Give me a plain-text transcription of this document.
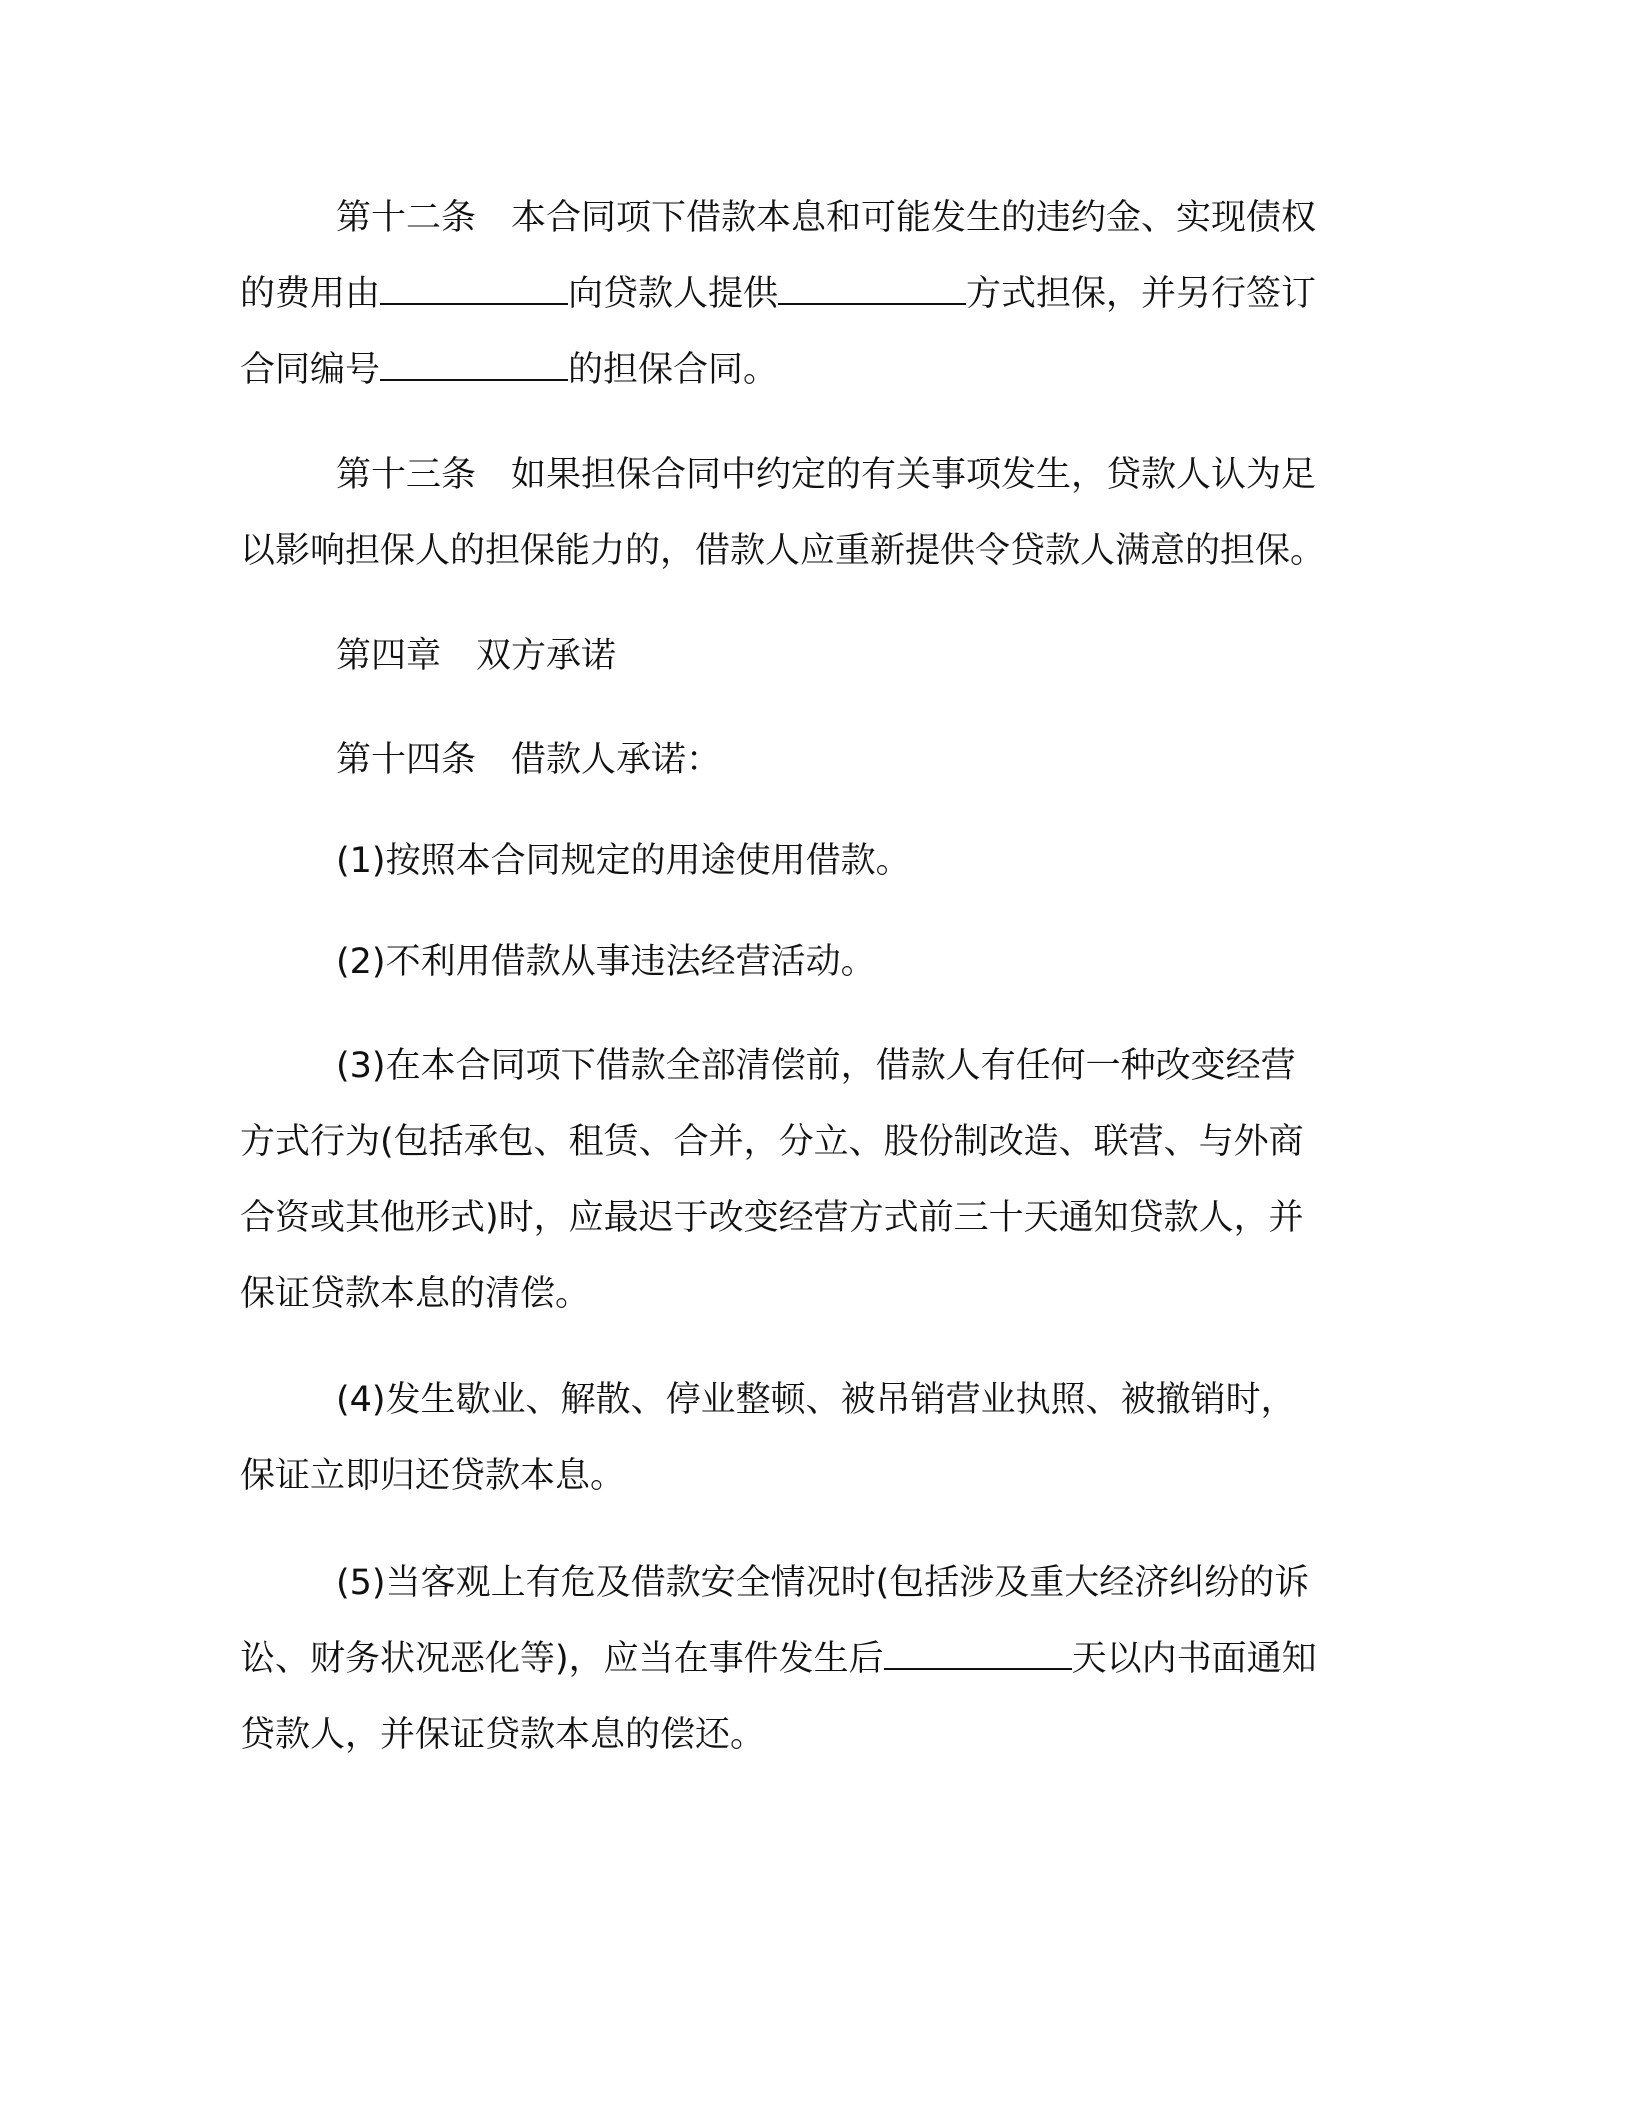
第十二条　本合同项下借款本息和可能发生的违约金、实现债权
的费用由	向贷款人提供	方式担保，并另行签订
合同编号	的担保合同。
第十三条　如果担保合同中约定的有关事项发生，贷款人认为足
以影响担保人的担保能力的，借款人应重新提供令贷款人满意的担保。
第四章　双方承诺
第十四条　借款人承诺：
(1)按照本合同规定的用途使用借款。
(2)不利用借款从事违法经营活动。
(3)在本合同项下借款全部清偿前，借款人有任何一种改变经营
方式行为(包括承包、租赁、合并，分立、股份制改造、联营、与外商
合资或其他形式)时，应最迟于改变经营方式前三十天通知贷款人，并
保证贷款本息的清偿。
(4)发生歇业、解散、停业整顿、被吊销营业执照、被撤销时，
保证立即归还贷款本息。
(5)当客观上有危及借款安全情况时(包括涉及重大经济纠纷的诉
讼、财务状况恶化等)，应当在事件发生后	天以内书面通知
贷款人，并保证贷款本息的偿还。
